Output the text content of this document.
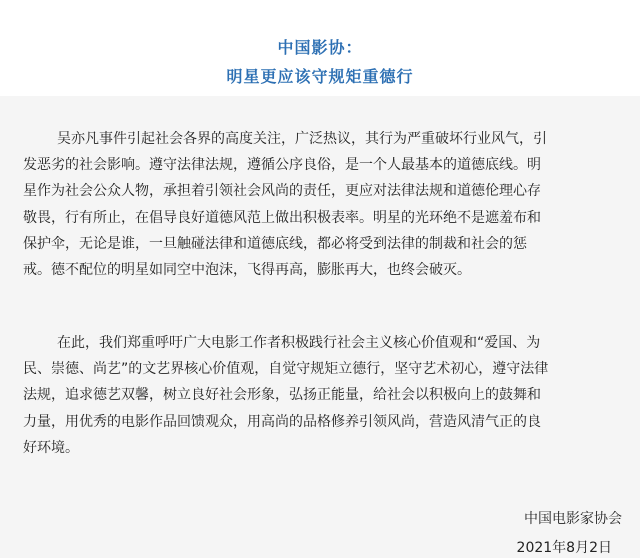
中国影协：
明星更应该守规矩重德行

吴亦凡事件引起社会各界的高度关注，广泛热议，其行为严重破坏行业风气，引
发恶劣的社会影响。遵守法律法规，遵循公序良俗，是一个人最基本的道德底线。明
星作为社会公众人物，承担着引领社会风尚的责任，更应对法律法规和道德伦理心存
敬畏，行有所止，在倡导良好道德风范上做出积极表率。明星的光环绝不是遮羞布和
保护伞，无论是谁，一旦触碰法律和道德底线，都必将受到法律的制裁和社会的惩
戒。德不配位的明星如同空中泡沫，飞得再高，膨胀再大，也终会破灭。

在此，我们郑重呼吁广大电影工作者积极践行社会主义核心价值观和“爱国、为
民、崇德、尚艺”的文艺界核心价值观，自觉守规矩立德行，坚守艺术初心，遵守法律
法规，追求德艺双馨，树立良好社会形象，弘扬正能量，给社会以积极向上的鼓舞和
力量，用优秀的电影作品回馈观众，用高尚的品格修养引领风尚，营造风清气正的良
好环境。

中国电影家协会
2021年8月2日
